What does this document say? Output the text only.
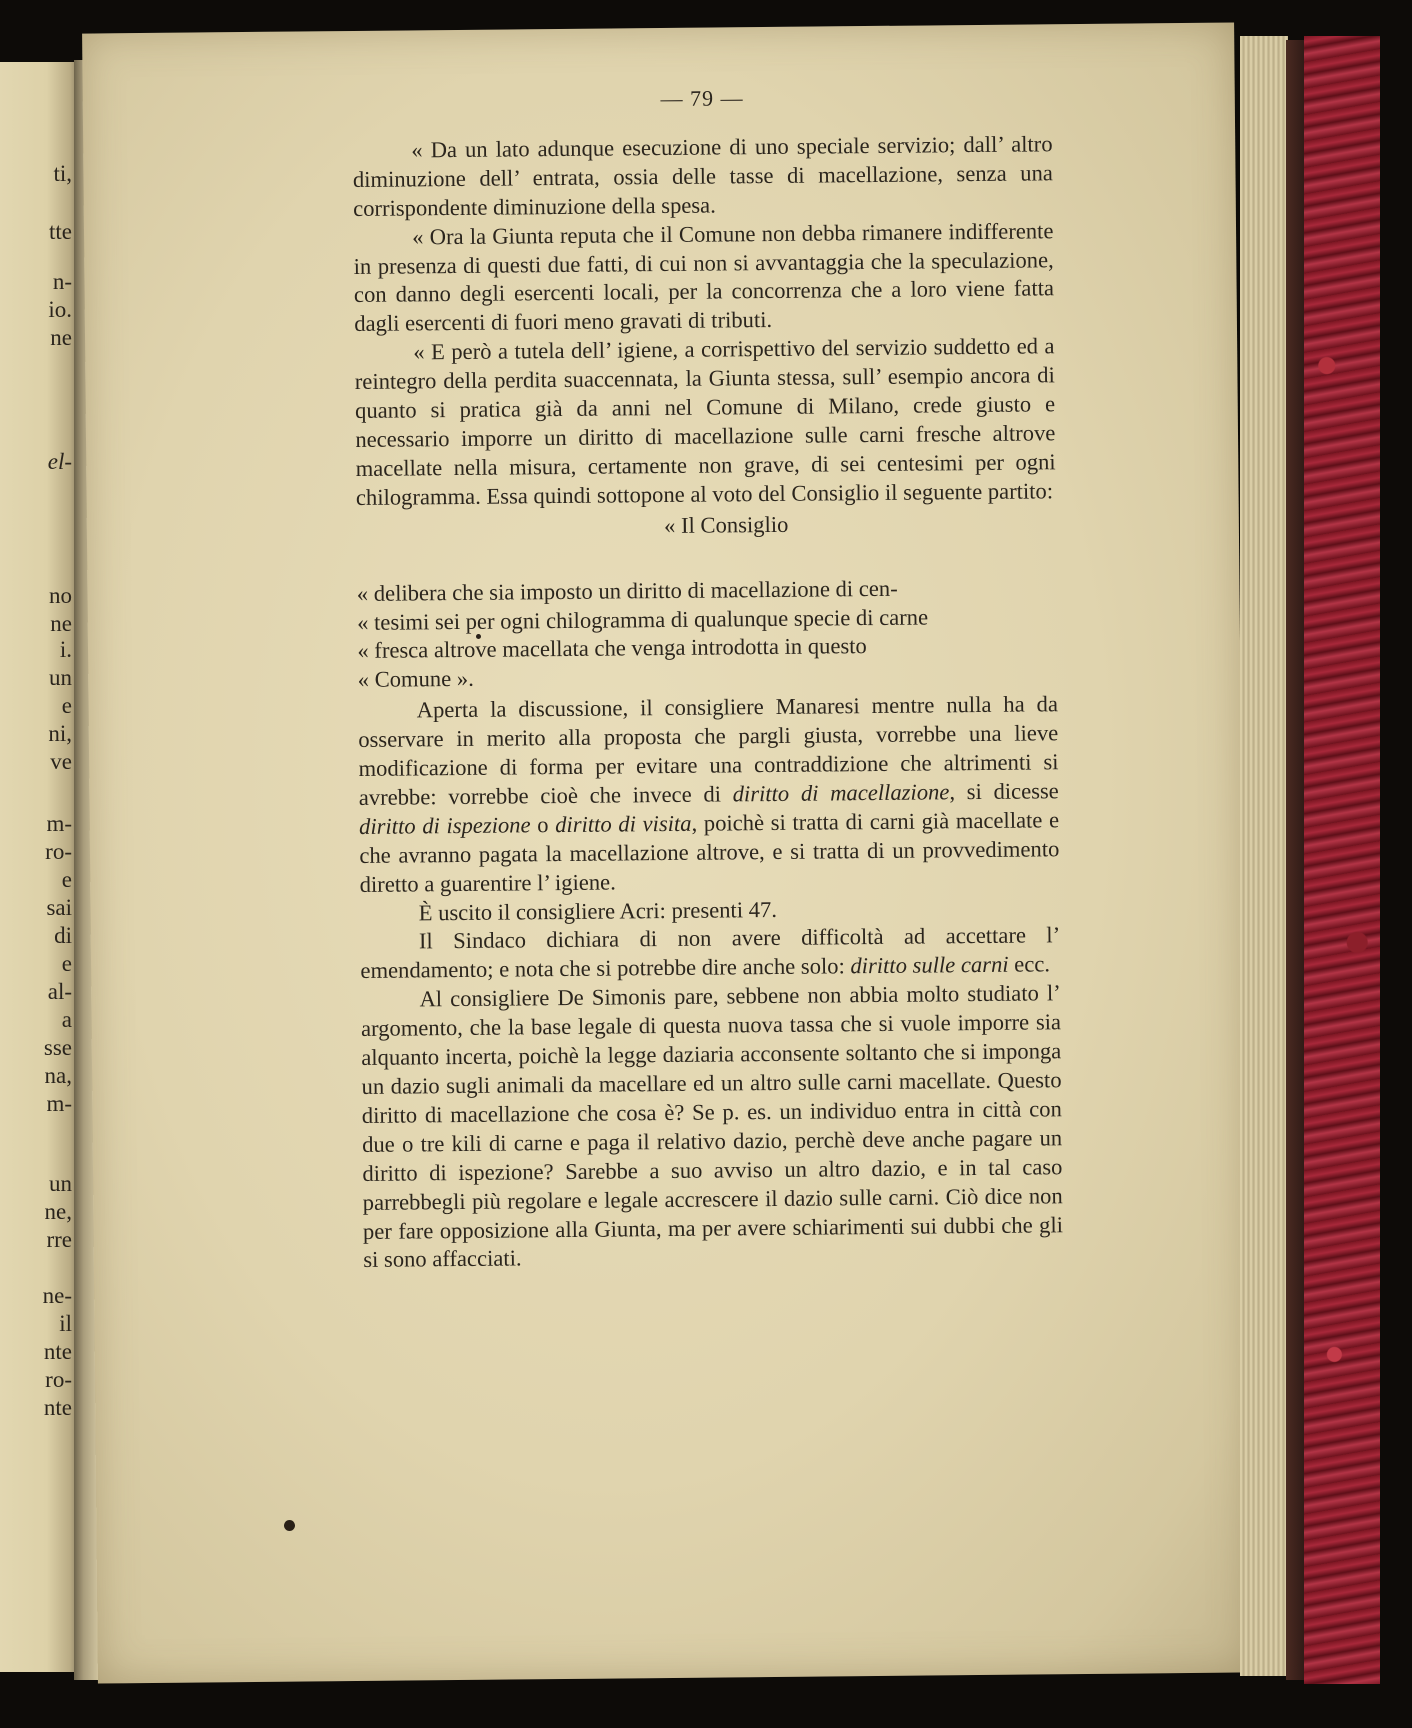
ti,
tte
n-
io.
ne
el-
no
ne
i.
un
e
ni,
ve
m-
ro-
e
sai
di
e
al-
a
sse
na,
m-
un
ne,
rre
ne-
il
nte
ro-
nte
— 79 —

« Da un lato adunque esecuzione di uno speciale servizio; dall’ altro diminuzione dell’ entrata, ossia delle tasse di macellazione, senza una corrispondente diminuzione della spesa.

« Ora la Giunta reputa che il Comune non debba rimanere indifferente in presenza di questi due fatti, di cui non si avvantaggia che la speculazione, con danno degli esercenti locali, per la concorrenza che a loro viene fatta dagli esercenti di fuori meno gravati di tributi.

« E però a tutela dell’ igiene, a corrispettivo del servizio suddetto ed a reintegro della perdita suaccennata, la Giunta stessa, sull’ esempio ancora di quanto si pratica già da anni nel Comune di Milano, crede giusto e necessario imporre un diritto di macellazione sulle carni fresche altrove macellate nella misura, certamente non grave, di sei centesimi per ogni chilogramma. Essa quindi sottopone al voto del Consiglio il seguente partito:

« Il Consiglio
« delibera che sia imposto un diritto di macellazione di cen-
« tesimi sei per ogni chilogramma di qualunque specie di carne
« fresca altrove macellata che venga introdotta in questo
« Comune ».

Aperta la discussione, il consigliere Manaresi mentre nulla ha da osservare in merito alla proposta che pargli giusta, vorrebbe una lieve modificazione di forma per evitare una contraddizione che altrimenti si avrebbe: vorrebbe cioè che invece di diritto di macellazione, si dicesse diritto di ispezione o diritto di visita, poichè si tratta di carni già macellate e che avranno pagata la macellazione altrove, e si tratta di un provvedimento diretto a guarentire l’ igiene.

È uscito il consigliere Acri: presenti 47.

Il Sindaco dichiara di non avere difficoltà ad accettare l’ emendamento; e nota che si potrebbe dire anche solo: diritto sulle carni ecc.

Al consigliere De Simonis pare, sebbene non abbia molto studiato l’ argomento, che la base legale di questa nuova tassa che si vuole imporre sia alquanto incerta, poichè la legge daziaria acconsente soltanto che si imponga un dazio sugli animali da macellare ed un altro sulle carni macellate. Questo diritto di macellazione che cosa è? Se p. es. un individuo entra in città con due o tre kili di carne e paga il relativo dazio, perchè deve anche pagare un diritto di ispezione? Sarebbe a suo avviso un altro dazio, e in tal caso parrebbegli più regolare e legale accrescere il dazio sulle carni. Ciò dice non per fare opposizione alla Giunta, ma per avere schiarimenti sui dubbi che gli si sono affacciati.
